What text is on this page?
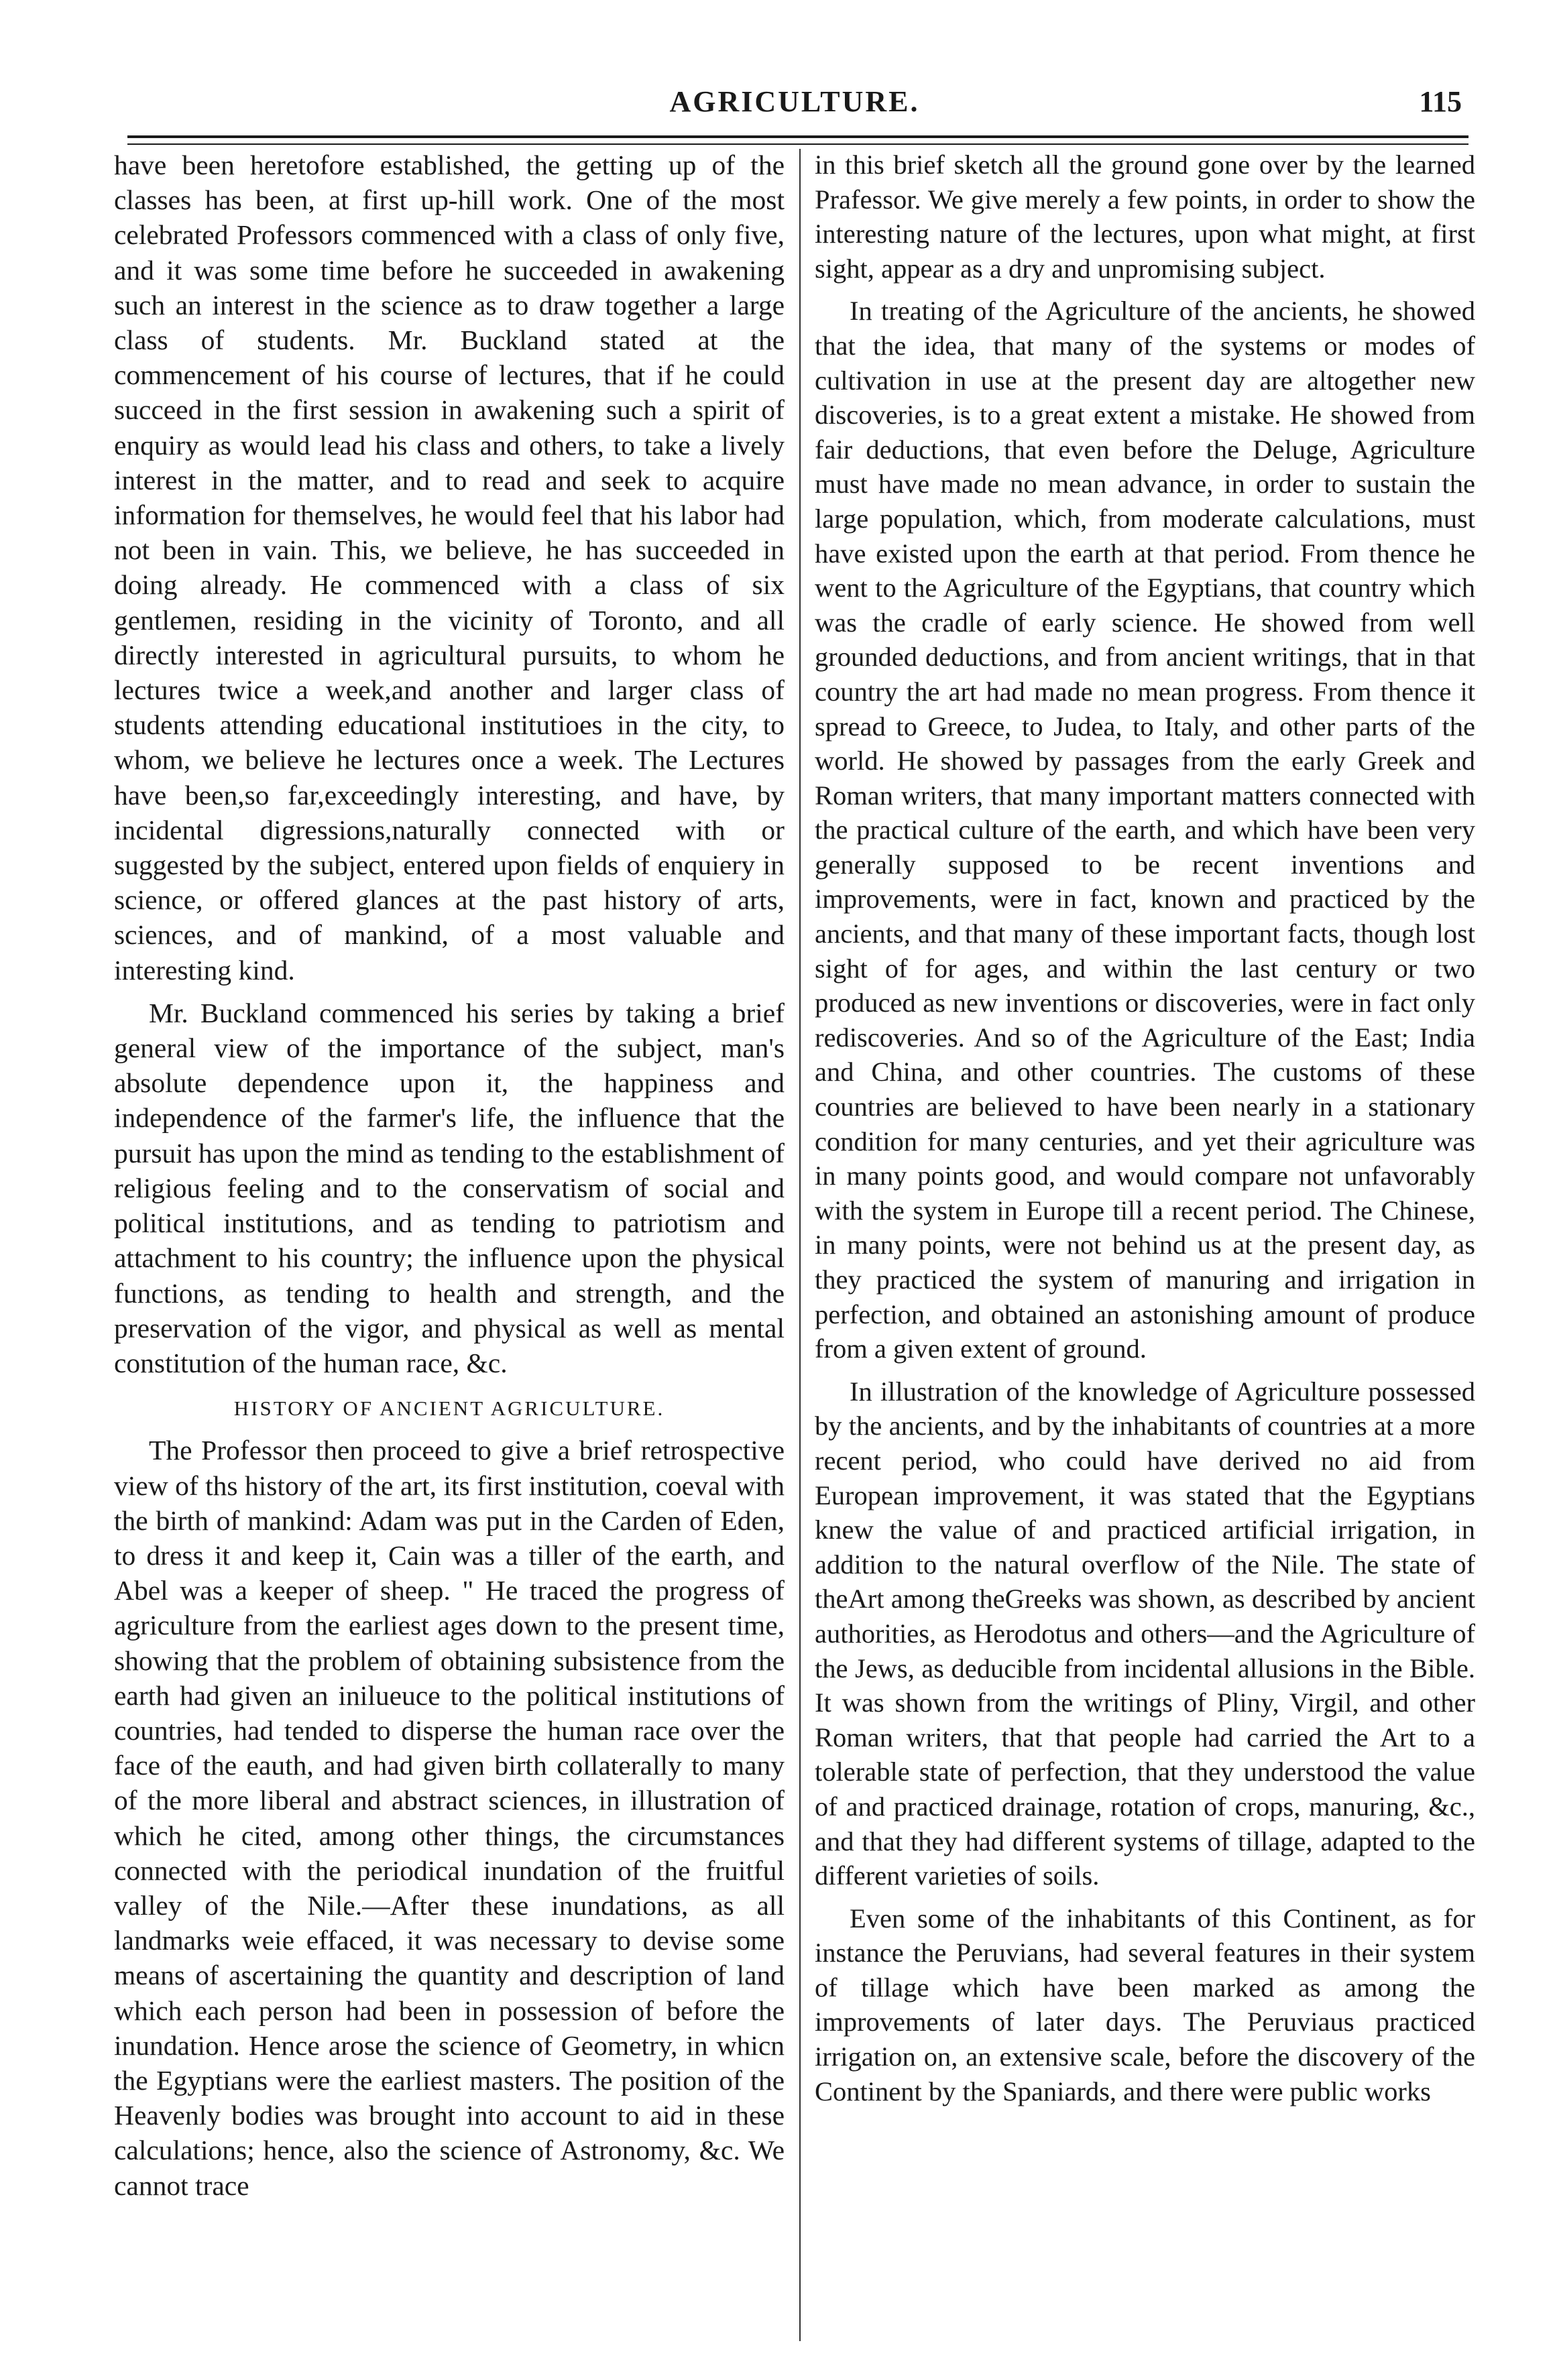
AGRICULTURE.	115

have been heretofore established, the getting up of the classes has been, at first up-hill work. One of the most celebrated Professors commenced with a class of only five, and it was some time before he succeeded in awakening such an interest in the science as to draw together a large class of students. Mr. Buckland stated at the commencement of his course of lectures, that if he could succeed in the first session in awakening such a spirit of enquiry as would lead his class and others, to take a lively interest in the matter, and to read and seek to acquire information for themselves, he would feel that his labor had not been in vain. This, we believe, he has succeeded in doing already. He commenced with a class of six gentlemen, residing in the vicinity of Toronto, and all directly interested in agricultural pursuits, to whom he lectures twice a week,and another and larger class of students attending educational institutioes in the city, to whom, we believe he lectures once a week. The Lectures have been,so far,exceedingly interesting, and have, by incidental digressions,naturally connected with or suggested by the subject, entered upon fields of enquiery in science, or offered glances at the past history of arts, sciences, and of mankind, of a most valuable and interesting kind.

Mr. Buckland commenced his series by taking a brief general view of the importance of the subject, man's absolute dependence upon it, the happiness and independence of the farmer's life, the influence that the pursuit has upon the mind as tending to the establishment of religious feeling and to the conservatism of social and political institutions, and as tending to patriotism and attachment to his country; the influence upon the physical functions, as tending to health and strength, and the preservation of the vigor, and physical as well as mental constitution of the human race, &c.

HISTORY OF ANCIENT AGRICULTURE.

The Professor then proceed to give a brief retrospective view of ths history of the art, its first institution, coeval with the birth of mankind: Adam was put in the Carden of Eden, to dress it and keep it, Cain was a tiller of the earth, and Abel was a keeper of sheep. " He traced the progress of agriculture from the earliest ages down to the present time, showing that the problem of obtaining subsistence from the earth had given an inilueuce to the political institutions of countries, had tended to disperse the human race over the face of the eauth, and had given birth collaterally to many of the more liberal and abstract sciences, in illustration of which he cited, among other things, the circumstances connected with the periodical inundation of the fruitful valley of the Nile.—After these inundations, as all landmarks weie effaced, it was necessary to devise some means of ascertaining the quantity and description of land which each person had been in possession of before the inundation. Hence arose the science of Geometry, in whicn the Egyptians were the earliest masters. The position of the Heavenly bodies was brought into account to aid in these calculations; hence, also the science of Astronomy, &c. We cannot trace

in this brief sketch all the ground gone over by the learned Prafessor. We give merely a few points, in order to show the interesting nature of the lectures, upon what might, at first sight, appear as a dry and unpromising subject.

In treating of the Agriculture of the ancients, he showed that the idea, that many of the systems or modes of cultivation in use at the present day are altogether new discoveries, is to a great extent a mistake. He showed from fair deductions, that even before the Deluge, Agriculture must have made no mean advance, in order to sustain the large population, which, from moderate calculations, must have existed upon the earth at that period. From thence he went to the Agriculture of the Egyptians, that country which was the cradle of early science. He showed from well grounded deductions, and from ancient writings, that in that country the art had made no mean progress. From thence it spread to Greece, to Judea, to Italy, and other parts of the world. He showed by passages from the early Greek and Roman writers, that many important matters connected with the practical culture of the earth, and which have been very generally supposed to be recent inventions and improvements, were in fact, known and practiced by the ancients, and that many of these important facts, though lost sight of for ages, and within the last century or two produced as new inventions or discoveries, were in fact only rediscoveries. And so of the Agriculture of the East; India and China, and other countries. The customs of these countries are believed to have been nearly in a stationary condition for many centuries, and yet their agriculture was in many points good, and would compare not unfavorably with the system in Europe till a recent period. The Chinese, in many points, were not behind us at the present day, as they practiced the system of manuring and irrigation in perfection, and obtained an astonishing amount of produce from a given extent of ground.

In illustration of the knowledge of Agriculture possessed by the ancients, and by the inhabitants of countries at a more recent period, who could have derived no aid from European improvement, it was stated that the Egyptians knew the value of and practiced artificial irrigation, in addition to the natural overflow of the Nile. The state of theArt among theGreeks was shown, as described by ancient authorities, as Herodotus and others—and the Agriculture of the Jews, as deducible from incidental allusions in the Bible. It was shown from the writings of Pliny, Virgil, and other Roman writers, that that people had carried the Art to a tolerable state of perfection, that they understood the value of and practiced drainage, rotation of crops, manuring, &c., and that they had different systems of tillage, adapted to the different varieties of soils.

Even some of the inhabitants of this Continent, as for instance the Peruvians, had several features in their system of tillage which have been marked as among the improvements of later days. The Peruviaus practiced irrigation on, an extensive scale, before the discovery of the Continent by the Spaniards, and there were public works
